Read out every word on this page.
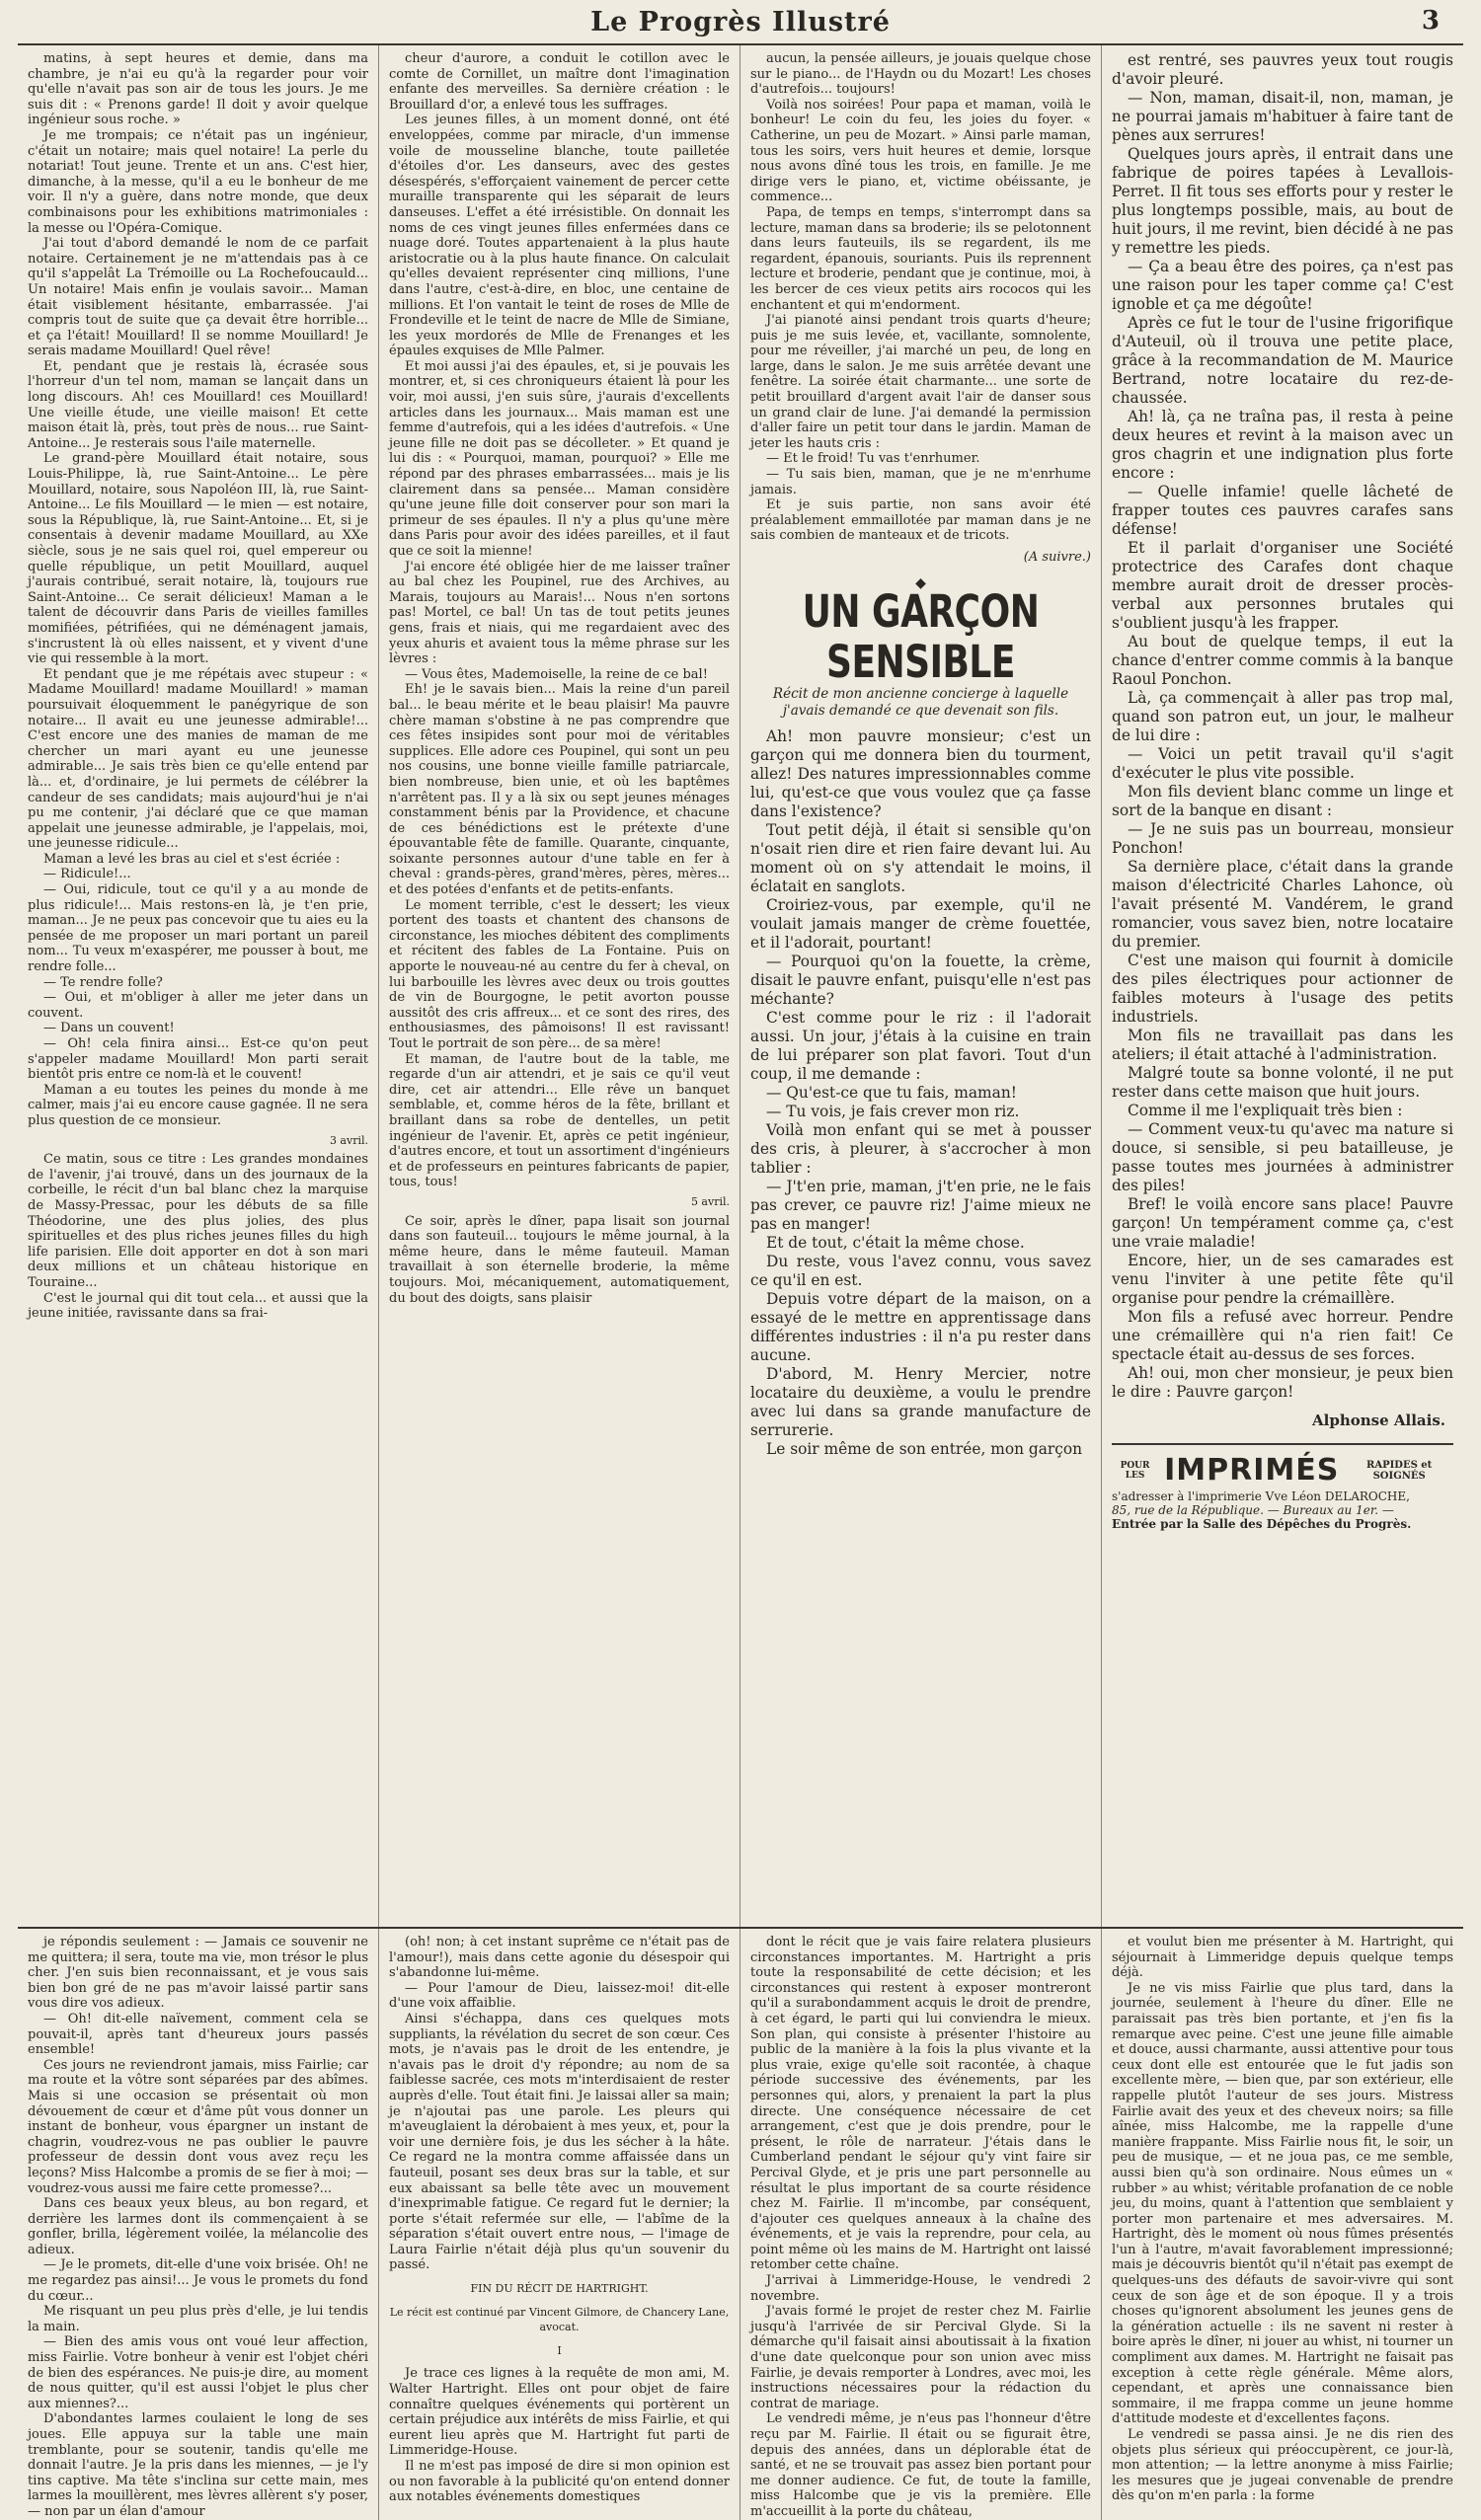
Le Progrès Illustré	3

matins, à sept heures et demie, dans ma chambre, je n'ai eu qu'à la regarder pour voir qu'elle n'avait pas son air de tous les jours. Je me suis dit : « Prenons garde! Il doit y avoir quelque ingénieur sous roche. »

Je me trompais; ce n'était pas un ingénieur, c'était un notaire; mais quel notaire! La perle du notariat! Tout jeune. Trente et un ans. C'est hier, dimanche, à la messe, qu'il a eu le bonheur de me voir. Il n'y a guère, dans notre monde, que deux combinaisons pour les exhibitions matrimoniales : la messe ou l'Opéra-Comique.

J'ai tout d'abord demandé le nom de ce parfait notaire. Certainement je ne m'attendais pas à ce qu'il s'appelât La Trémoille ou La Rochefoucauld... Un notaire! Mais enfin je voulais savoir... Maman était visiblement hésitante, embarrassée. J'ai compris tout de suite que ça devait être horrible... et ça l'était! Mouillard! Il se nomme Mouillard! Je serais madame Mouillard! Quel rêve!

Et, pendant que je restais là, écrasée sous l'horreur d'un tel nom, maman se lançait dans un long discours. Ah! ces Mouillard! ces Mouillard! Une vieille étude, une vieille maison! Et cette maison était là, près, tout près de nous... rue Saint-Antoine... Je resterais sous l'aile maternelle.

Le grand-père Mouillard était notaire, sous Louis-Philippe, là, rue Saint-Antoine... Le père Mouillard, notaire, sous Napoléon III, là, rue Saint-Antoine... Le fils Mouillard — le mien — est notaire, sous la République, là, rue Saint-Antoine... Et, si je consentais à devenir madame Mouillard, au XXe siècle, sous je ne sais quel roi, quel empereur ou quelle république, un petit Mouillard, auquel j'aurais contribué, serait notaire, là, toujours rue Saint-Antoine... Ce serait délicieux! Maman a le talent de découvrir dans Paris de vieilles familles momifiées, pétrifiées, qui ne déménagent jamais, s'incrustent là où elles naissent, et y vivent d'une vie qui ressemble à la mort.

Et pendant que je me répétais avec stupeur : « Madame Mouillard! madame Mouillard! » maman poursuivait éloquemment le panégyrique de son notaire... Il avait eu une jeunesse admirable!... C'est encore une des manies de maman de me chercher un mari ayant eu une jeunesse admirable... Je sais très bien ce qu'elle entend par là... et, d'ordinaire, je lui permets de célébrer la candeur de ses candidats; mais aujourd'hui je n'ai pu me contenir, j'ai déclaré que ce que maman appelait une jeunesse admirable, je l'appelais, moi, une jeunesse ridicule...

Maman a levé les bras au ciel et s'est écriée :

— Ridicule!...

— Oui, ridicule, tout ce qu'il y a au monde de plus ridicule!... Mais restons-en là, je t'en prie, maman... Je ne peux pas concevoir que tu aies eu la pensée de me proposer un mari portant un pareil nom... Tu veux m'exaspérer, me pousser à bout, me rendre folle...

— Te rendre folle?

— Oui, et m'obliger à aller me jeter dans un couvent.

— Dans un couvent!

— Oh! cela finira ainsi... Est-ce qu'on peut s'appeler madame Mouillard! Mon parti serait bientôt pris entre ce nom-là et le couvent!

Maman a eu toutes les peines du monde à me calmer, mais j'ai eu encore cause gagnée. Il ne sera plus question de ce monsieur.

3 avril.

Ce matin, sous ce titre : Les grandes mondaines de l'avenir, j'ai trouvé, dans un des journaux de la corbeille, le récit d'un bal blanc chez la marquise de Massy-Pressac, pour les débuts de sa fille Théodorine, une des plus jolies, des plus spirituelles et des plus riches jeunes filles du high life parisien. Elle doit apporter en dot à son mari deux millions et un château historique en Touraine...

C'est le journal qui dit tout cela... et aussi que la jeune initiée, ravissante dans sa frai-

cheur d'aurore, a conduit le cotillon avec le comte de Cornillet, un maître dont l'imagination enfante des merveilles. Sa dernière création : le Brouillard d'or, a enlevé tous les suffrages.

Les jeunes filles, à un moment donné, ont été enveloppées, comme par miracle, d'un immense voile de mousseline blanche, toute pailletée d'étoiles d'or. Les danseurs, avec des gestes désespérés, s'efforçaient vainement de percer cette muraille transparente qui les séparait de leurs danseuses. L'effet a été irrésistible. On donnait les noms de ces vingt jeunes filles enfermées dans ce nuage doré. Toutes appartenaient à la plus haute aristocratie ou à la plus haute finance. On calculait qu'elles devaient représenter cinq millions, l'une dans l'autre, c'est-à-dire, en bloc, une centaine de millions. Et l'on vantait le teint de roses de Mlle de Frondeville et le teint de nacre de Mlle de Simiane, les yeux mordorés de Mlle de Frenanges et les épaules exquises de Mlle Palmer.

Et moi aussi j'ai des épaules, et, si je pouvais les montrer, et, si ces chroniqueurs étaient là pour les voir, moi aussi, j'en suis sûre, j'aurais d'excellents articles dans les journaux... Mais maman est une femme d'autrefois, qui a les idées d'autrefois. « Une jeune fille ne doit pas se décolleter. » Et quand je lui dis : « Pourquoi, maman, pourquoi? » Elle me répond par des phrases embarrassées... mais je lis clairement dans sa pensée... Maman considère qu'une jeune fille doit conserver pour son mari la primeur de ses épaules. Il n'y a plus qu'une mère dans Paris pour avoir des idées pareilles, et il faut que ce soit la mienne!

J'ai encore été obligée hier de me laisser traîner au bal chez les Poupinel, rue des Archives, au Marais, toujours au Marais!... Nous n'en sortons pas! Mortel, ce bal! Un tas de tout petits jeunes gens, frais et niais, qui me regardaient avec des yeux ahuris et avaient tous la même phrase sur les lèvres :

— Vous êtes, Mademoiselle, la reine de ce bal!

Eh! je le savais bien... Mais la reine d'un pareil bal... le beau mérite et le beau plaisir! Ma pauvre chère maman s'obstine à ne pas comprendre que ces fêtes insipides sont pour moi de véritables supplices. Elle adore ces Poupinel, qui sont un peu nos cousins, une bonne vieille famille patriarcale, bien nombreuse, bien unie, et où les baptêmes n'arrêtent pas. Il y a là six ou sept jeunes ménages constamment bénis par la Providence, et chacune de ces bénédictions est le prétexte d'une épouvantable fête de famille. Quarante, cinquante, soixante personnes autour d'une table en fer à cheval : grands-pères, grand'mères, pères, mères... et des potées d'enfants et de petits-enfants.

Le moment terrible, c'est le dessert; les vieux portent des toasts et chantent des chansons de circonstance, les mioches débitent des compliments et récitent des fables de La Fontaine. Puis on apporte le nouveau-né au centre du fer à cheval, on lui barbouille les lèvres avec deux ou trois gouttes de vin de Bourgogne, le petit avorton pousse aussitôt des cris affreux... et ce sont des rires, des enthousiasmes, des pâmoisons! Il est ravissant! Tout le portrait de son père... de sa mère!

Et maman, de l'autre bout de la table, me regarde d'un air attendri, et je sais ce qu'il veut dire, cet air attendri... Elle rêve un banquet semblable, et, comme héros de la fête, brillant et braillant dans sa robe de dentelles, un petit ingénieur de l'avenir. Et, après ce petit ingénieur, d'autres encore, et tout un assortiment d'ingénieurs et de professeurs en peintures fabricants de papier, tous, tous!

5 avril.

Ce soir, après le dîner, papa lisait son journal dans son fauteuil... toujours le même journal, à la même heure, dans le même fauteuil. Maman travaillait à son éternelle broderie, la même toujours. Moi, mécaniquement, automatiquement, du bout des doigts, sans plaisir

aucun, la pensée ailleurs, je jouais quelque chose sur le piano... de l'Haydn ou du Mozart! Les choses d'autrefois... toujours!

Voilà nos soirées! Pour papa et maman, voilà le bonheur! Le coin du feu, les joies du foyer. « Catherine, un peu de Mozart. » Ainsi parle maman, tous les soirs, vers huit heures et demie, lorsque nous avons dîné tous les trois, en famille. Je me dirige vers le piano, et, victime obéissante, je commence...

Papa, de temps en temps, s'interrompt dans sa lecture, maman dans sa broderie; ils se pelotonnent dans leurs fauteuils, ils se regardent, ils me regardent, épanouis, souriants. Puis ils reprennent lecture et broderie, pendant que je continue, moi, à les bercer de ces vieux petits airs rococos qui les enchantent et qui m'endorment.

J'ai pianoté ainsi pendant trois quarts d'heure; puis je me suis levée, et, vacillante, somnolente, pour me réveiller, j'ai marché un peu, de long en large, dans le salon. Je me suis arrêtée devant une fenêtre. La soirée était charmante... une sorte de petit brouillard d'argent avait l'air de danser sous un grand clair de lune. J'ai demandé la permission d'aller faire un petit tour dans le jardin. Maman de jeter les hauts cris :

— Et le froid! Tu vas t'enrhumer.

— Tu sais bien, maman, que je ne m'enrhume jamais.

Et je suis partie, non sans avoir été préalablement emmaillotée par maman dans je ne sais combien de manteaux et de tricots.

(A suivre.)

◆
UN GARÇON SENSIBLE

Récit de mon ancienne concierge à laquelle j'avais demandé ce que devenait son fils.

Ah! mon pauvre monsieur; c'est un garçon qui me donnera bien du tourment, allez! Des natures impressionnables comme lui, qu'est-ce que vous voulez que ça fasse dans l'existence?

Tout petit déjà, il était si sensible qu'on n'osait rien dire et rien faire devant lui. Au moment où on s'y attendait le moins, il éclatait en sanglots.

Croiriez-vous, par exemple, qu'il ne voulait jamais manger de crème fouettée, et il l'adorait, pourtant!

— Pourquoi qu'on la fouette, la crème, disait le pauvre enfant, puisqu'elle n'est pas méchante?

C'est comme pour le riz : il l'adorait aussi. Un jour, j'étais à la cuisine en train de lui préparer son plat favori. Tout d'un coup, il me demande :

— Qu'est-ce que tu fais, maman!

— Tu vois, je fais crever mon riz.

Voilà mon enfant qui se met à pousser des cris, à pleurer, à s'accrocher à mon tablier :

— J't'en prie, maman, j't'en prie, ne le fais pas crever, ce pauvre riz! J'aime mieux ne pas en manger!

Et de tout, c'était la même chose.

Du reste, vous l'avez connu, vous savez ce qu'il en est.

Depuis votre départ de la maison, on a essayé de le mettre en apprentissage dans différentes industries : il n'a pu rester dans aucune.

D'abord, M. Henry Mercier, notre locataire du deuxième, a voulu le prendre avec lui dans sa grande manufacture de serrurerie.

Le soir même de son entrée, mon garçon

est rentré, ses pauvres yeux tout rougis d'avoir pleuré.

— Non, maman, disait-il, non, maman, je ne pourrai jamais m'habituer à faire tant de pènes aux serrures!

Quelques jours après, il entrait dans une fabrique de poires tapées à Levallois-Perret. Il fit tous ses efforts pour y rester le plus longtemps possible, mais, au bout de huit jours, il me revint, bien décidé à ne pas y remettre les pieds.

— Ça a beau être des poires, ça n'est pas une raison pour les taper comme ça! C'est ignoble et ça me dégoûte!

Après ce fut le tour de l'usine frigorifique d'Auteuil, où il trouva une petite place, grâce à la recommandation de M. Maurice Bertrand, notre locataire du rez-de-chaussée.

Ah! là, ça ne traîna pas, il resta à peine deux heures et revint à la maison avec un gros chagrin et une indignation plus forte encore :

— Quelle infamie! quelle lâcheté de frapper toutes ces pauvres carafes sans défense!

Et il parlait d'organiser une Société protectrice des Carafes dont chaque membre aurait droit de dresser procès-verbal aux personnes brutales qui s'oublient jusqu'à les frapper.

Au bout de quelque temps, il eut la chance d'entrer comme commis à la banque Raoul Ponchon.

Là, ça commençait à aller pas trop mal, quand son patron eut, un jour, le malheur de lui dire :

— Voici un petit travail qu'il s'agit d'exécuter le plus vite possible.

Mon fils devient blanc comme un linge et sort de la banque en disant :

— Je ne suis pas un bourreau, monsieur Ponchon!

Sa dernière place, c'était dans la grande maison d'électricité Charles Lahonce, où l'avait présenté M. Vandérem, le grand romancier, vous savez bien, notre locataire du premier.

C'est une maison qui fournit à domicile des piles électriques pour actionner de faibles moteurs à l'usage des petits industriels.

Mon fils ne travaillait pas dans les ateliers; il était attaché à l'administration.

Malgré toute sa bonne volonté, il ne put rester dans cette maison que huit jours.

Comme il me l'expliquait très bien :

— Comment veux-tu qu'avec ma nature si douce, si sensible, si peu batailleuse, je passe toutes mes journées à administrer des piles!

Bref! le voilà encore sans place! Pauvre garçon! Un tempérament comme ça, c'est une vraie maladie!

Encore, hier, un de ses camarades est venu l'inviter à une petite fête qu'il organise pour pendre la crémaillère.

Mon fils a refusé avec horreur. Pendre une crémaillère qui n'a rien fait! Ce spectacle était au-dessus de ses forces.

Ah! oui, mon cher monsieur, je peux bien le dire : Pauvre garçon!

Alphonse Allais.
POUR LES IMPRIMÉS	RAPIDES et SOIGNÉS

s'adresser à l'imprimerie Vve Léon DELAROCHE,

85, rue de la République. — Bureaux au 1er. —

Entrée par la Salle des Dépêches du Progrès.

je répondis seulement : — Jamais ce souvenir ne me quittera; il sera, toute ma vie, mon trésor le plus cher. J'en suis bien reconnaissant, et je vous sais bien bon gré de ne pas m'avoir laissé partir sans vous dire vos adieux.

— Oh! dit-elle naïvement, comment cela se pouvait-il, après tant d'heureux jours passés ensemble!

Ces jours ne reviendront jamais, miss Fairlie; car ma route et la vôtre sont séparées par des abîmes. Mais si une occasion se présentait où mon dévouement de cœur et d'âme pût vous donner un instant de bonheur, vous épargner un instant de chagrin, voudrez-vous ne pas oublier le pauvre professeur de dessin dont vous avez reçu les leçons? Miss Halcombe a promis de se fier à moi; — voudrez-vous aussi me faire cette promesse?...

Dans ces beaux yeux bleus, au bon regard, et derrière les larmes dont ils commençaient à se gonfler, brilla, légèrement voilée, la mélancolie des adieux.

— Je le promets, dit-elle d'une voix brisée. Oh! ne me regardez pas ainsi!... Je vous le promets du fond du cœur...

Me risquant un peu plus près d'elle, je lui tendis la main.

— Bien des amis vous ont voué leur affection, miss Fairlie. Votre bonheur à venir est l'objet chéri de bien des espérances. Ne puis-je dire, au moment de nous quitter, qu'il est aussi l'objet le plus cher aux miennes?...

D'abondantes larmes coulaient le long de ses joues. Elle appuya sur la table une main tremblante, pour se soutenir, tandis qu'elle me donnait l'autre. Je la pris dans les miennes, — je l'y tins captive. Ma tête s'inclina sur cette main, mes larmes la mouillèrent, mes lèvres allèrent s'y poser, — non par un élan d'amour

(oh! non; à cet instant suprême ce n'était pas de l'amour!), mais dans cette agonie du désespoir qui s'abandonne lui-même.

— Pour l'amour de Dieu, laissez-moi! dit-elle d'une voix affaiblie.

Ainsi s'échappa, dans ces quelques mots suppliants, la révélation du secret de son cœur. Ces mots, je n'avais pas le droit de les entendre, je n'avais pas le droit d'y répondre; au nom de sa faiblesse sacrée, ces mots m'interdisaient de rester auprès d'elle. Tout était fini. Je laissai aller sa main; je n'ajoutai pas une parole. Les pleurs qui m'aveuglaient la dérobaient à mes yeux, et, pour la voir une dernière fois, je dus les sécher à la hâte. Ce regard ne la montra comme affaissée dans un fauteuil, posant ses deux bras sur la table, et sur eux abaissant sa belle tête avec un mouvement d'inexprimable fatigue. Ce regard fut le dernier; la porte s'était refermée sur elle, — l'abîme de la séparation s'était ouvert entre nous, — l'image de Laura Fairlie n'était déjà plus qu'un souvenir du passé.

FIN DU RÉCIT DE HARTRIGHT.

Le récit est continué par Vincent Gilmore, de Chancery Lane, avocat.

I

Je trace ces lignes à la requête de mon ami, M. Walter Hartright. Elles ont pour objet de faire connaître quelques événements qui portèrent un certain préjudice aux intérêts de miss Fairlie, et qui eurent lieu après que M. Hartright fut parti de Limmeridge-House.

Il ne m'est pas imposé de dire si mon opinion est ou non favorable à la publicité qu'on entend donner aux notables événements domestiques

dont le récit que je vais faire relatera plusieurs circonstances importantes. M. Hartright a pris toute la responsabilité de cette décision; et les circonstances qui restent à exposer montreront qu'il a surabondamment acquis le droit de prendre, à cet égard, le parti qui lui conviendra le mieux. Son plan, qui consiste à présenter l'histoire au public de la manière à la fois la plus vivante et la plus vraie, exige qu'elle soit racontée, à chaque période successive des événements, par les personnes qui, alors, y prenaient la part la plus directe. Une conséquence nécessaire de cet arrangement, c'est que je dois prendre, pour le présent, le rôle de narrateur. J'étais dans le Cumberland pendant le séjour qu'y vint faire sir Percival Glyde, et je pris une part personnelle au résultat le plus important de sa courte résidence chez M. Fairlie. Il m'incombe, par conséquent, d'ajouter ces quelques anneaux à la chaîne des événements, et je vais la reprendre, pour cela, au point même où les mains de M. Hartright ont laissé retomber cette chaîne.

J'arrivai à Limmeridge-House, le vendredi 2 novembre.

J'avais formé le projet de rester chez M. Fairlie jusqu'à l'arrivée de sir Percival Glyde. Si la démarche qu'il faisait ainsi aboutissait à la fixation d'une date quelconque pour son union avec miss Fairlie, je devais remporter à Londres, avec moi, les instructions nécessaires pour la rédaction du contrat de mariage.

Le vendredi même, je n'eus pas l'honneur d'être reçu par M. Fairlie. Il était ou se figurait être, depuis des années, dans un déplorable état de santé, et ne se trouvait pas assez bien portant pour me donner audience. Ce fut, de toute la famille, miss Halcombe que je vis la première. Elle m'accueillit à la porte du château,

et voulut bien me présenter à M. Hartright, qui séjournait à Limmeridge depuis quelque temps déjà.

Je ne vis miss Fairlie que plus tard, dans la journée, seulement à l'heure du dîner. Elle ne paraissait pas très bien portante, et j'en fis la remarque avec peine. C'est une jeune fille aimable et douce, aussi charmante, aussi attentive pour tous ceux dont elle est entourée que le fut jadis son excellente mère, — bien que, par son extérieur, elle rappelle plutôt l'auteur de ses jours. Mistress Fairlie avait des yeux et des cheveux noirs; sa fille aînée, miss Halcombe, me la rappelle d'une manière frappante. Miss Fairlie nous fit, le soir, un peu de musique, — et ne joua pas, ce me semble, aussi bien qu'à son ordinaire. Nous eûmes un « rubber » au whist; véritable profanation de ce noble jeu, du moins, quant à l'attention que semblaient y porter mon partenaire et mes adversaires. M. Hartright, dès le moment où nous fûmes présentés l'un à l'autre, m'avait favorablement impressionné; mais je découvris bientôt qu'il n'était pas exempt de quelques-uns des défauts de savoir-vivre qui sont ceux de son âge et de son époque. Il y a trois choses qu'ignorent absolument les jeunes gens de la génération actuelle : ils ne savent ni rester à boire après le dîner, ni jouer au whist, ni tourner un compliment aux dames. M. Hartright ne faisait pas exception à cette règle générale. Même alors, cependant, et après une connaissance bien sommaire, il me frappa comme un jeune homme d'attitude modeste et d'excellentes façons.

Le vendredi se passa ainsi. Je ne dis rien des objets plus sérieux qui préoccupèrent, ce jour-là, mon attention; — la lettre anonyme à miss Fairlie; les mesures que je jugeai convenable de prendre dès qu'on m'en parla : la forme
